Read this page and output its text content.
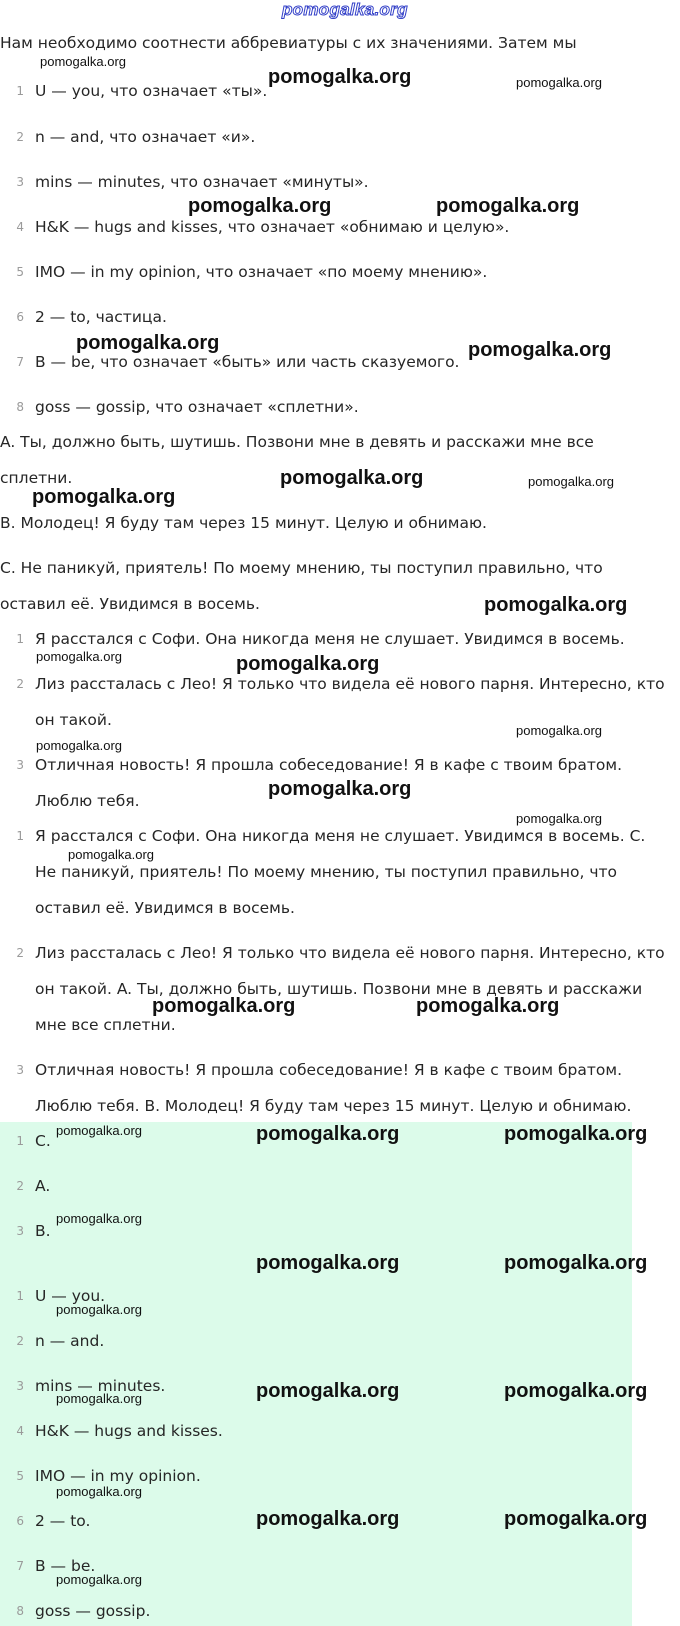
pomogalka.org
Нам необходимо соотнести аббревиатуры с их значениями. Затем мы
1 U — you, что означает «ты».
2 n — and, что означает «и».
3 mins — minutes, что означает «минуты».
4 H&K — hugs and kisses, что означает «обнимаю и целую».
5 IMO — in my opinion, что означает «по моему мнению».
6 2 — to, частица.
7 B — be, что означает «быть» или часть сказуемого.
8 goss — gossip, что означает «сплетни».
A. Ты, должно быть, шутишь. Позвони мне в девять и расскажи мне все
сплетни.
B. Молодец! Я буду там через 15 минут. Целую и обнимаю.
C. Не паникуй, приятель! По моему мнению, ты поступил правильно, что
оставил её. Увидимся в восемь.
1 Я расстался с Софи. Она никогда меня не слушает. Увидимся в восемь.
2 Лиз рассталась с Лео! Я только что видела её нового парня. Интересно, кто
он такой.
3 Отличная новость! Я прошла собеседование! Я в кафе с твоим братом.
Люблю тебя.
1 Я расстался с Софи. Она никогда меня не слушает. Увидимся в восемь. C.
Не паникуй, приятель! По моему мнению, ты поступил правильно, что
оставил её. Увидимся в восемь.
2 Лиз рассталась с Лео! Я только что видела её нового парня. Интересно, кто
он такой. A. Ты, должно быть, шутишь. Позвони мне в девять и расскажи
мне все сплетни.
3 Отличная новость! Я прошла собеседование! Я в кафе с твоим братом.
Люблю тебя. B. Молодец! Я буду там через 15 минут. Целую и обнимаю.
1 C.
2 A.
3 B.
1 U — you.
2 n — and.
3 mins — minutes.
4 H&K — hugs and kisses.
5 IMO — in my opinion.
6 2 — to.
7 B — be.
8 goss — gossip.
pomogalka.org
pomogalka.org	pomogalka.org
pomogalka.org	pomogalka.org
pomogalka.org	pomogalka.org
pomogalka.org	pomogalka.org
pomogalka.org
pomogalka.org
pomogalka.org	pomogalka.org
pomogalka.org
pomogalka.org
pomogalka.org
pomogalka.org
pomogalka.org
pomogalka.org	pomogalka.org
pomogalka.org	pomogalka.org	pomogalka.org
pomogalka.org
pomogalka.org	pomogalka.org
pomogalka.org
pomogalka.org	pomogalka.org
pomogalka.org
pomogalka.org
pomogalka.org	pomogalka.org
pomogalka.org
